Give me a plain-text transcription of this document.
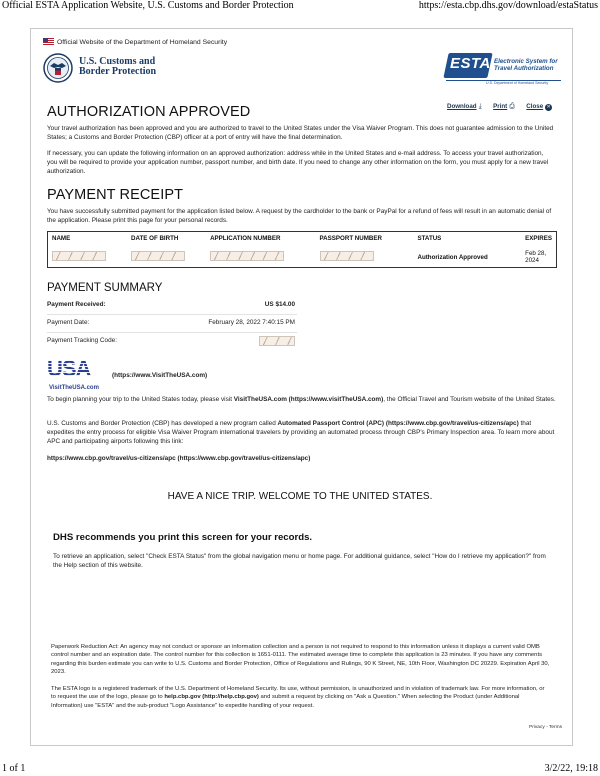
Official ESTA Application Website, U.S. Customs and Border Protection	https://esta.cbp.dhs.gov/download/estaStatus
1 of 1	3/2/22, 19:18
Official Website of the Department of Homeland Security
U.S. Customs and
Border Protection	ESTA Electronic System for
Travel Authorization
U.S. Department of Homeland Security
Download ⤓ Print ⎙ Close ✕
AUTHORIZATION APPROVED
Your travel authorization has been approved and you are authorized to travel to the United States under the Visa Waiver Program. This does not guarantee admission to the United States; a Customs and Border Protection (CBP) officer at a port of entry will have the final determination.
If necessary, you can update the following information on an approved authorization: address while in the United States and e-mail address. To access your travel authorization, you will be required to provide your application number, passport number, and birth date. If you need to change any other information on the form, you must apply for a new travel authorization.
PAYMENT RECEIPT
You have successfully submitted payment for the application listed below. A request by the cardholder to the bank or PayPal for a refund of fees will result in an automatic denial of the application. Please print this page for your personal records.
NAME	DATE OF BIRTH	APPLICATION NUMBER	PASSPORT NUMBER	STATUS	EXPIRES
				Authorization Approved	Feb 28, 2024
PAYMENT SUMMARY
Payment Received:	US $14.00
Payment Date:	February 28, 2022 7:40:15 PM
Payment Tracking Code:
USA
VisitTheUSA.com
(https://www.VisitTheUSA.com)
To begin planning your trip to the United States today, please visit VisitTheUSA.com (https://www.visitTheUSA.com), the Official Travel and Tourism website of the United States.
U.S. Customs and Border Protection (CBP) has developed a new program called Automated Passport Control (APC) (https://www.cbp.gov/travel/us-citizens/apc) that expedites the entry process for eligible Visa Waiver Program international travelers by providing an automated process through CBP's Primary Inspection area. To learn more about APC and participating airports following this link:
https://www.cbp.gov/travel/us-citizens/apc (https://www.cbp.gov/travel/us-citizens/apc)
HAVE A NICE TRIP. WELCOME TO THE UNITED STATES.
DHS recommends you print this screen for your records.
To retrieve an application, select "Check ESTA Status" from the global navigation menu or home page. For additional guidance, select "How do I retrieve my application?" from the Help section of this website.
Paperwork Reduction Act: An agency may not conduct or sponsor an information collection and a person is not required to respond to this information unless it displays a current valid OMB control number and an expiration date. The control number for this collection is 1651-0111. The estimated average time to complete this application is 23 minutes. If you have any comments regarding this burden estimate you can write to U.S. Customs and Border Protection, Office of Regulations and Rulings, 90 K Street, NE, 10th Floor, Washington DC 20229. Expiration April 30, 2023.
The ESTA logo is a registered trademark of the U.S. Department of Homeland Security. Its use, without permission, is unauthorized and in violation of trademark law. For more information, or to request the use of the logo, please go to help.cbp.gov (http://help.cbp.gov) and submit a request by clicking on "Ask a Question." When selecting the Product (under Additional Information) use "ESTA" and the sub-product "Logo Assistance" to expedite handling of your request.
Privacy - Terms
